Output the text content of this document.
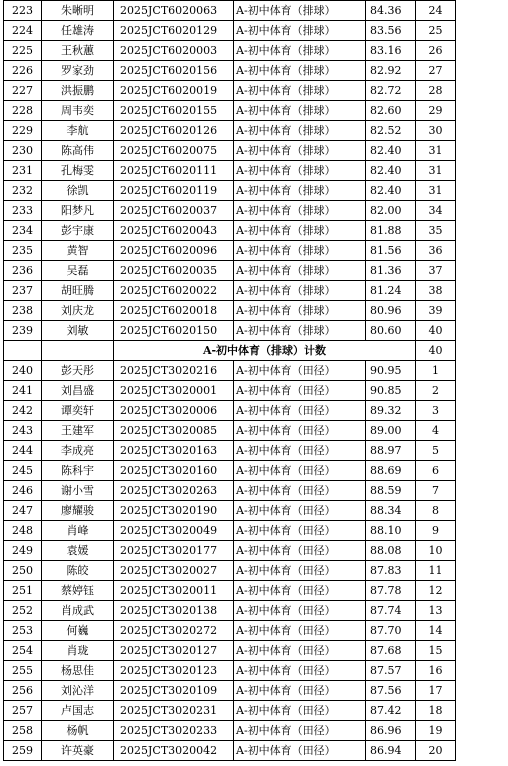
223	朱晰明	2025JCT6020063	A-初中体育（排球）	84.36	24
224	任雄涛	2025JCT6020129	A-初中体育（排球）	83.56	25
225	王秋蕙	2025JCT6020003	A-初中体育（排球）	83.16	26
226	罗家劲	2025JCT6020156	A-初中体育（排球）	82.92	27
227	洪振鹏	2025JCT6020019	A-初中体育（排球）	82.72	28
228	周韦奕	2025JCT6020155	A-初中体育（排球）	82.60	29
229	李航	2025JCT6020126	A-初中体育（排球）	82.52	30
230	陈高伟	2025JCT6020075	A-初中体育（排球）	82.40	31
231	孔梅雯	2025JCT6020111	A-初中体育（排球）	82.40	31
232	徐凯	2025JCT6020119	A-初中体育（排球）	82.40	31
233	阳梦凡	2025JCT6020037	A-初中体育（排球）	82.00	34
234	彭宇康	2025JCT6020043	A-初中体育（排球）	81.88	35
235	黄智	2025JCT6020096	A-初中体育（排球）	81.56	36
236	吴磊	2025JCT6020035	A-初中体育（排球）	81.36	37
237	胡旺腾	2025JCT6020022	A-初中体育（排球）	81.24	38
238	刘庆龙	2025JCT6020018	A-初中体育（排球）	80.96	39
239	刘敏	2025JCT6020150	A-初中体育（排球）	80.60	40
		A-初中体育（排球）计数			40
240	彭天彤	2025JCT3020216	A-初中体育（田径）	90.95	1
241	刘昌盛	2025JCT3020001	A-初中体育（田径）	90.85	2
242	谭奕轩	2025JCT3020006	A-初中体育（田径）	89.32	3
243	王建军	2025JCT3020085	A-初中体育（田径）	89.00	4
244	李成亮	2025JCT3020163	A-初中体育（田径）	88.97	5
245	陈科宇	2025JCT3020160	A-初中体育（田径）	88.69	6
246	谢小雪	2025JCT3020263	A-初中体育（田径）	88.59	7
247	廖耀骏	2025JCT3020190	A-初中体育（田径）	88.34	8
248	肖峰	2025JCT3020049	A-初中体育（田径）	88.10	9
249	袁媛	2025JCT3020177	A-初中体育（田径）	88.08	10
250	陈皎	2025JCT3020027	A-初中体育（田径）	87.83	11
251	蔡婷钰	2025JCT3020011	A-初中体育（田径）	87.78	12
252	肖成武	2025JCT3020138	A-初中体育（田径）	87.74	13
253	何巍	2025JCT3020272	A-初中体育（田径）	87.70	14
254	肖珑	2025JCT3020127	A-初中体育（田径）	87.68	15
255	杨思佳	2025JCT3020123	A-初中体育（田径）	87.57	16
256	刘沁洋	2025JCT3020109	A-初中体育（田径）	87.56	17
257	卢国志	2025JCT3020231	A-初中体育（田径）	87.42	18
258	杨帆	2025JCT3020233	A-初中体育（田径）	86.96	19
259	许英豪	2025JCT3020042	A-初中体育（田径）	86.94	20
